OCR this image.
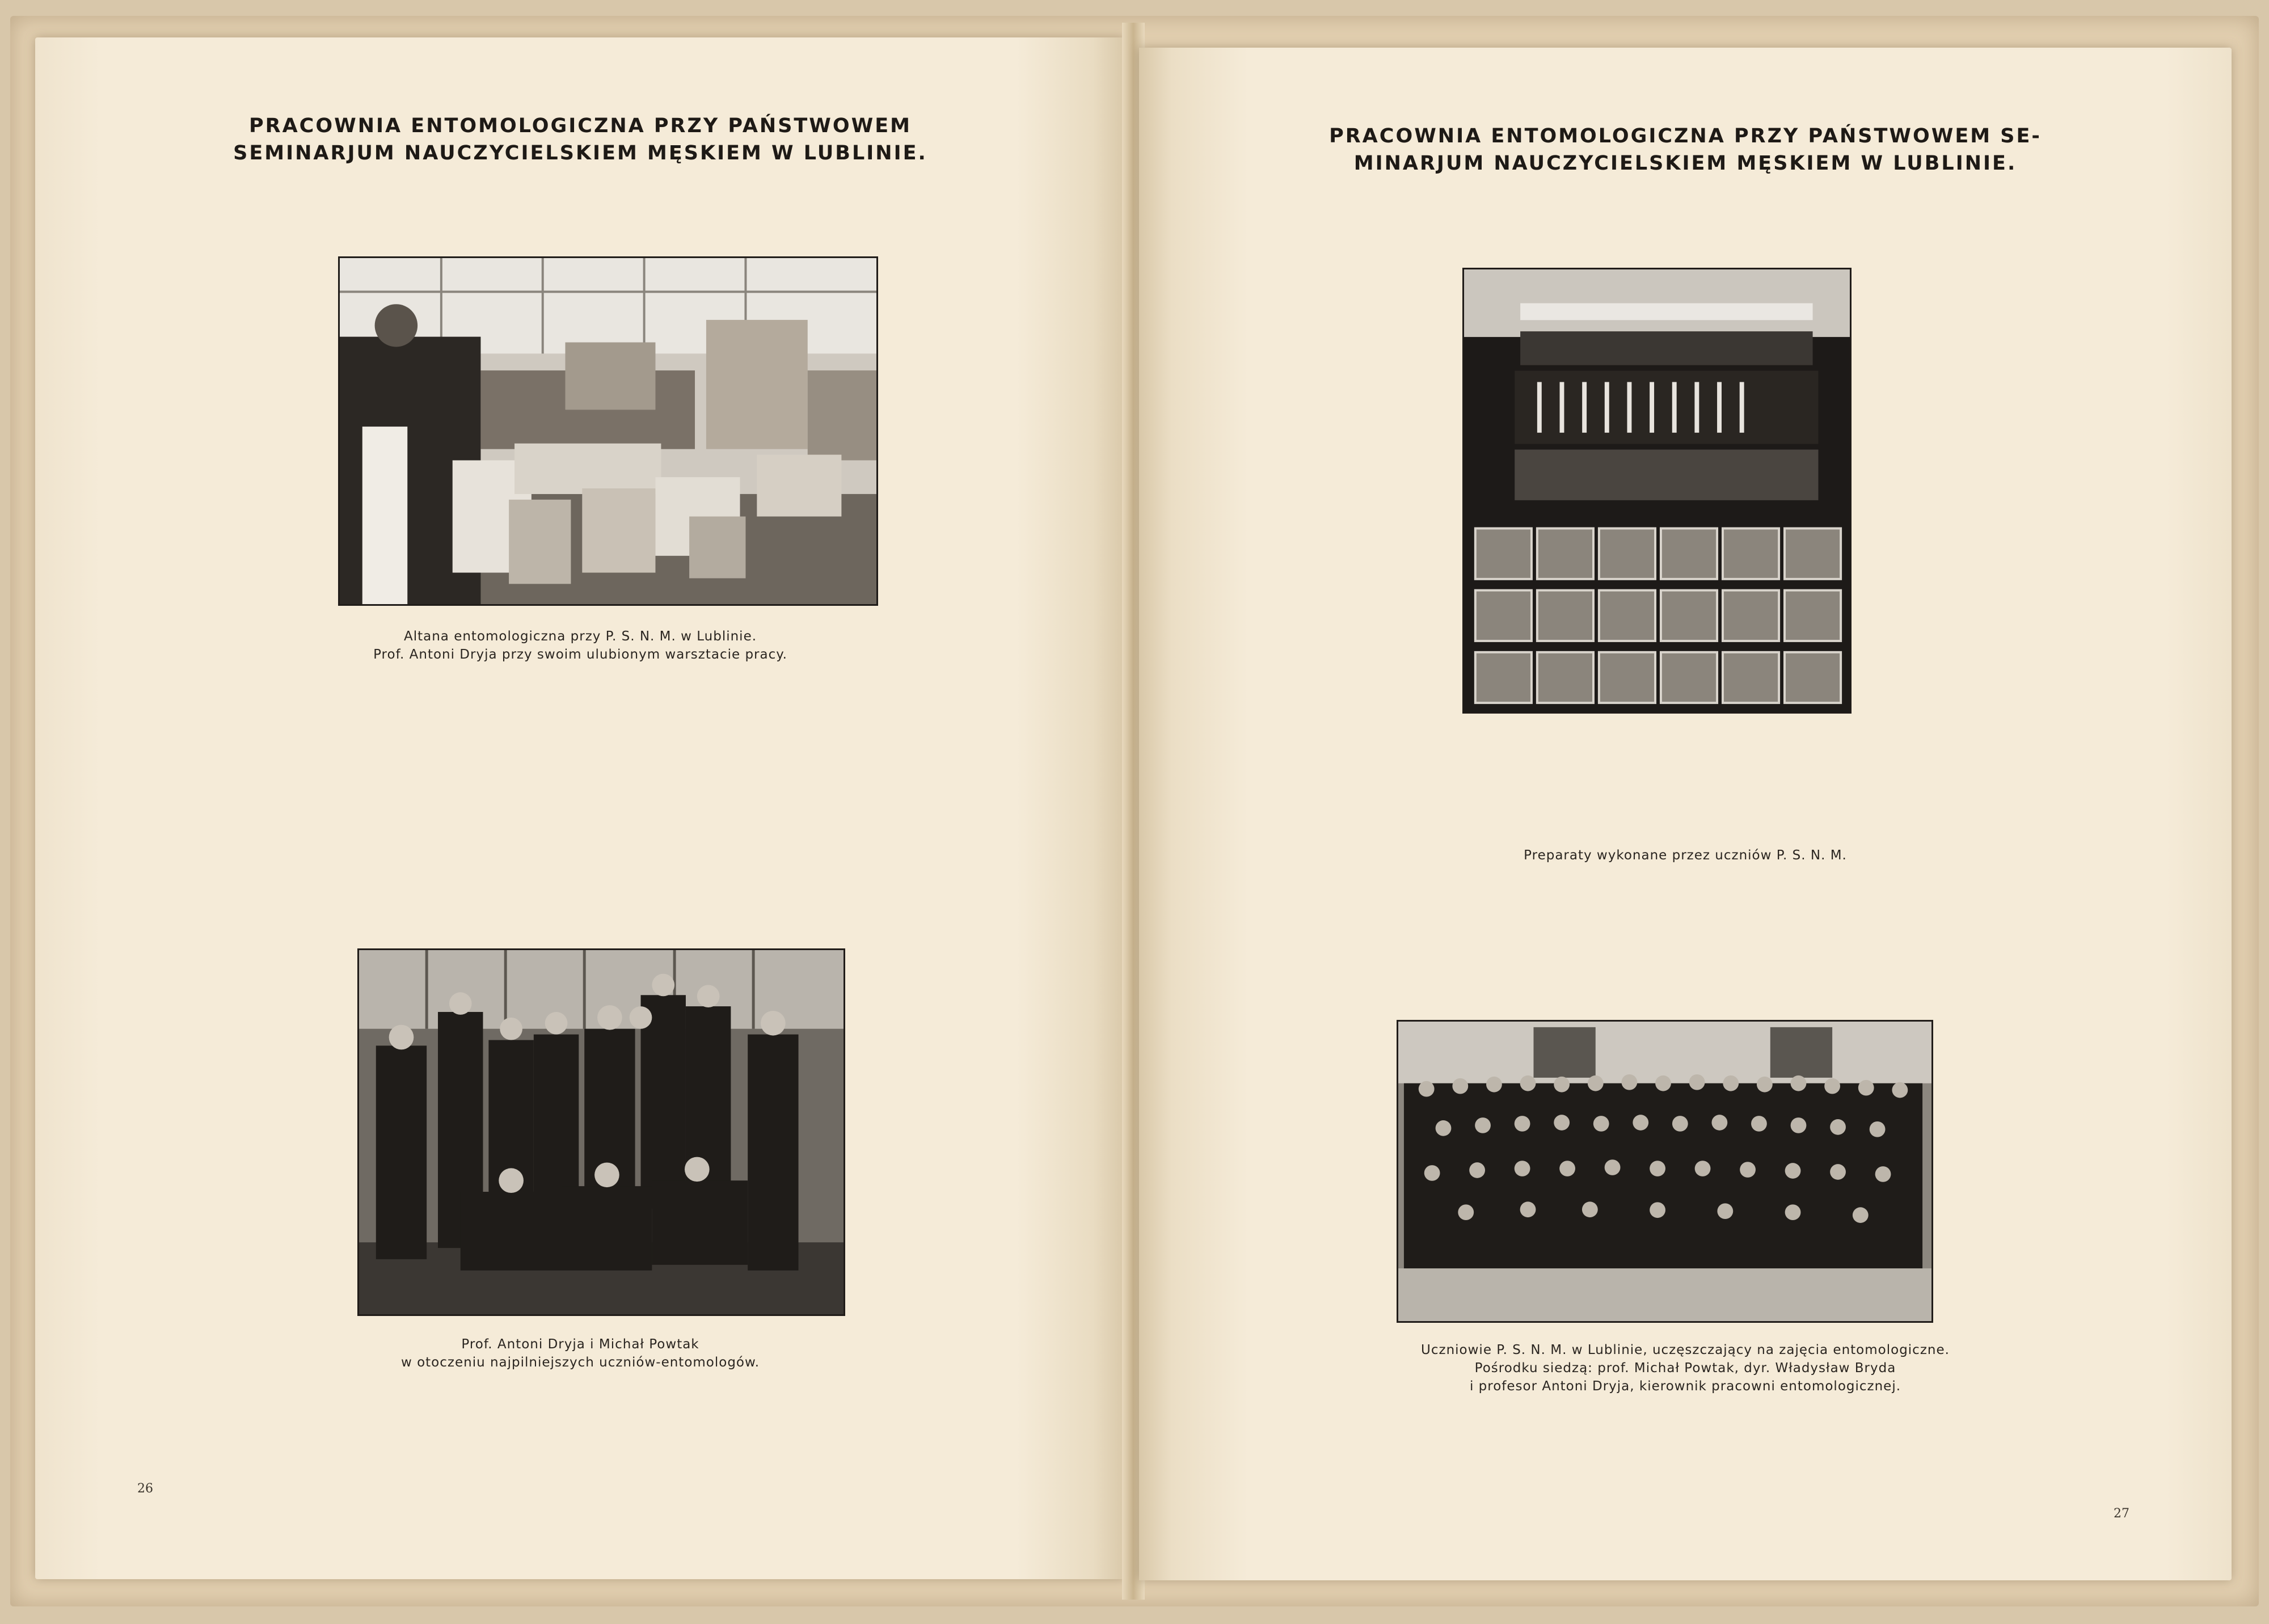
PRACOWNIA ENTOMOLOGICZNA PRZY PAŃSTWOWEM
SEMINARJUM NAUCZYCIELSKIEM MĘSKIEM W LUBLINIE.
Altana entomologiczna przy P. S. N. M. w Lublinie.
Prof. Antoni Dryja przy swoim ulubionym warsztacie pracy.
Prof. Antoni Dryja i Michał Powtak
w otoczeniu najpilniejszych uczniów-entomologów.
26
PRACOWNIA ENTOMOLOGICZNA PRZY PAŃSTWOWEM SE-
MINARJUM NAUCZYCIELSKIEM MĘSKIEM W LUBLINIE.
Preparaty wykonane przez uczniów P. S. N. M.
Uczniowie P. S. N. M. w Lublinie, uczęszczający na zajęcia entomologiczne.
Pośrodku siedzą: prof. Michał Powtak, dyr. Władysław Bryda
i profesor Antoni Dryja, kierownik pracowni entomologicznej.
27
